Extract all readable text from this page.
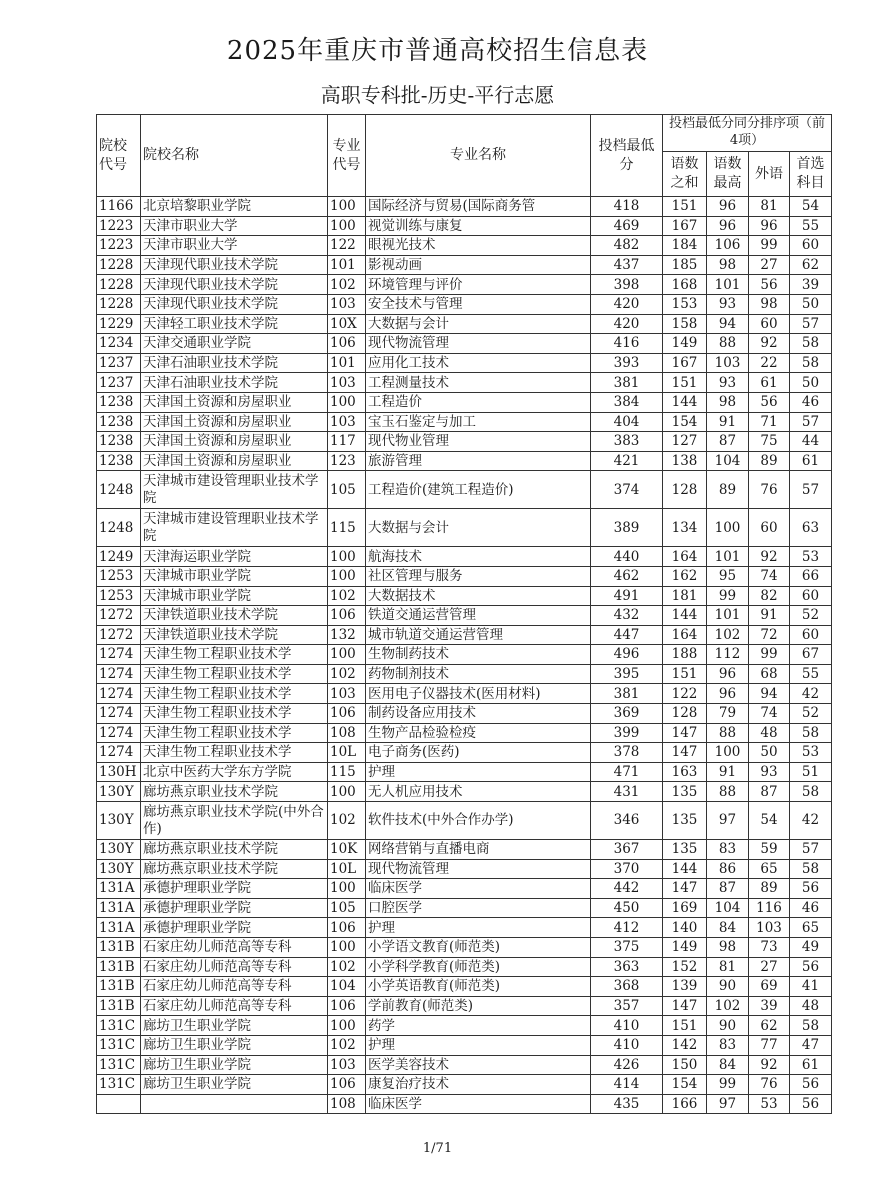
2025年重庆市普通高校招生信息表
高职专科批-历史-平行志愿
院校代号	院校名称	专业代号	专业名称	投档最低分	投档最低分同分排序项（前4项）			
					语数之和	语数最高	外语	首选科目
1166	北京培黎职业学院	100	国际经济与贸易(国际商务管	418	151	96	81	54
1223	天津市职业大学	100	视觉训练与康复	469	167	96	96	55
1223	天津市职业大学	122	眼视光技术	482	184	106	99	60
1228	天津现代职业技术学院	101	影视动画	437	185	98	27	62
1228	天津现代职业技术学院	102	环境管理与评价	398	168	101	56	39
1228	天津现代职业技术学院	103	安全技术与管理	420	153	93	98	50
1229	天津轻工职业技术学院	10X	大数据与会计	420	158	94	60	57
1234	天津交通职业学院	106	现代物流管理	416	149	88	92	58
1237	天津石油职业技术学院	101	应用化工技术	393	167	103	22	58
1237	天津石油职业技术学院	103	工程测量技术	381	151	93	61	50
1238	天津国土资源和房屋职业	100	工程造价	384	144	98	56	46
1238	天津国土资源和房屋职业	103	宝玉石鉴定与加工	404	154	91	71	57
1238	天津国土资源和房屋职业	117	现代物业管理	383	127	87	75	44
1238	天津国土资源和房屋职业	123	旅游管理	421	138	104	89	61
1248	天津城市建设管理职业技术学院	105	工程造价(建筑工程造价)	374	128	89	76	57
1248	天津城市建设管理职业技术学院	115	大数据与会计	389	134	100	60	63
1249	天津海运职业学院	100	航海技术	440	164	101	92	53
1253	天津城市职业学院	100	社区管理与服务	462	162	95	74	66
1253	天津城市职业学院	102	大数据技术	491	181	99	82	60
1272	天津铁道职业技术学院	106	铁道交通运营管理	432	144	101	91	52
1272	天津铁道职业技术学院	132	城市轨道交通运营管理	447	164	102	72	60
1274	天津生物工程职业技术学	100	生物制药技术	496	188	112	99	67
1274	天津生物工程职业技术学	102	药物制剂技术	395	151	96	68	55
1274	天津生物工程职业技术学	103	医用电子仪器技术(医用材料)	381	122	96	94	42
1274	天津生物工程职业技术学	106	制药设备应用技术	369	128	79	74	52
1274	天津生物工程职业技术学	108	生物产品检验检疫	399	147	88	48	58
1274	天津生物工程职业技术学	10L	电子商务(医药)	378	147	100	50	53
130H	北京中医药大学东方学院	115	护理	471	163	91	93	51
130Y	廊坊燕京职业技术学院	100	无人机应用技术	431	135	88	87	58
130Y	廊坊燕京职业技术学院(中外合作)	102	软件技术(中外合作办学)	346	135	97	54	42
130Y	廊坊燕京职业技术学院	10K	网络营销与直播电商	367	135	83	59	57
130Y	廊坊燕京职业技术学院	10L	现代物流管理	370	144	86	65	58
131A	承德护理职业学院	100	临床医学	442	147	87	89	56
131A	承德护理职业学院	105	口腔医学	450	169	104	116	46
131A	承德护理职业学院	106	护理	412	140	84	103	65
131B	石家庄幼儿师范高等专科	100	小学语文教育(师范类)	375	149	98	73	49
131B	石家庄幼儿师范高等专科	102	小学科学教育(师范类)	363	152	81	27	56
131B	石家庄幼儿师范高等专科	104	小学英语教育(师范类)	368	139	90	69	41
131B	石家庄幼儿师范高等专科	106	学前教育(师范类)	357	147	102	39	48
131C	廊坊卫生职业学院	100	药学	410	151	90	62	58
131C	廊坊卫生职业学院	102	护理	410	142	83	77	47
131C	廊坊卫生职业学院	103	医学美容技术	426	150	84	92	61
131C	廊坊卫生职业学院	106	康复治疗技术	414	154	99	76	56
		108	临床医学	435	166	97	53	56
1/71
